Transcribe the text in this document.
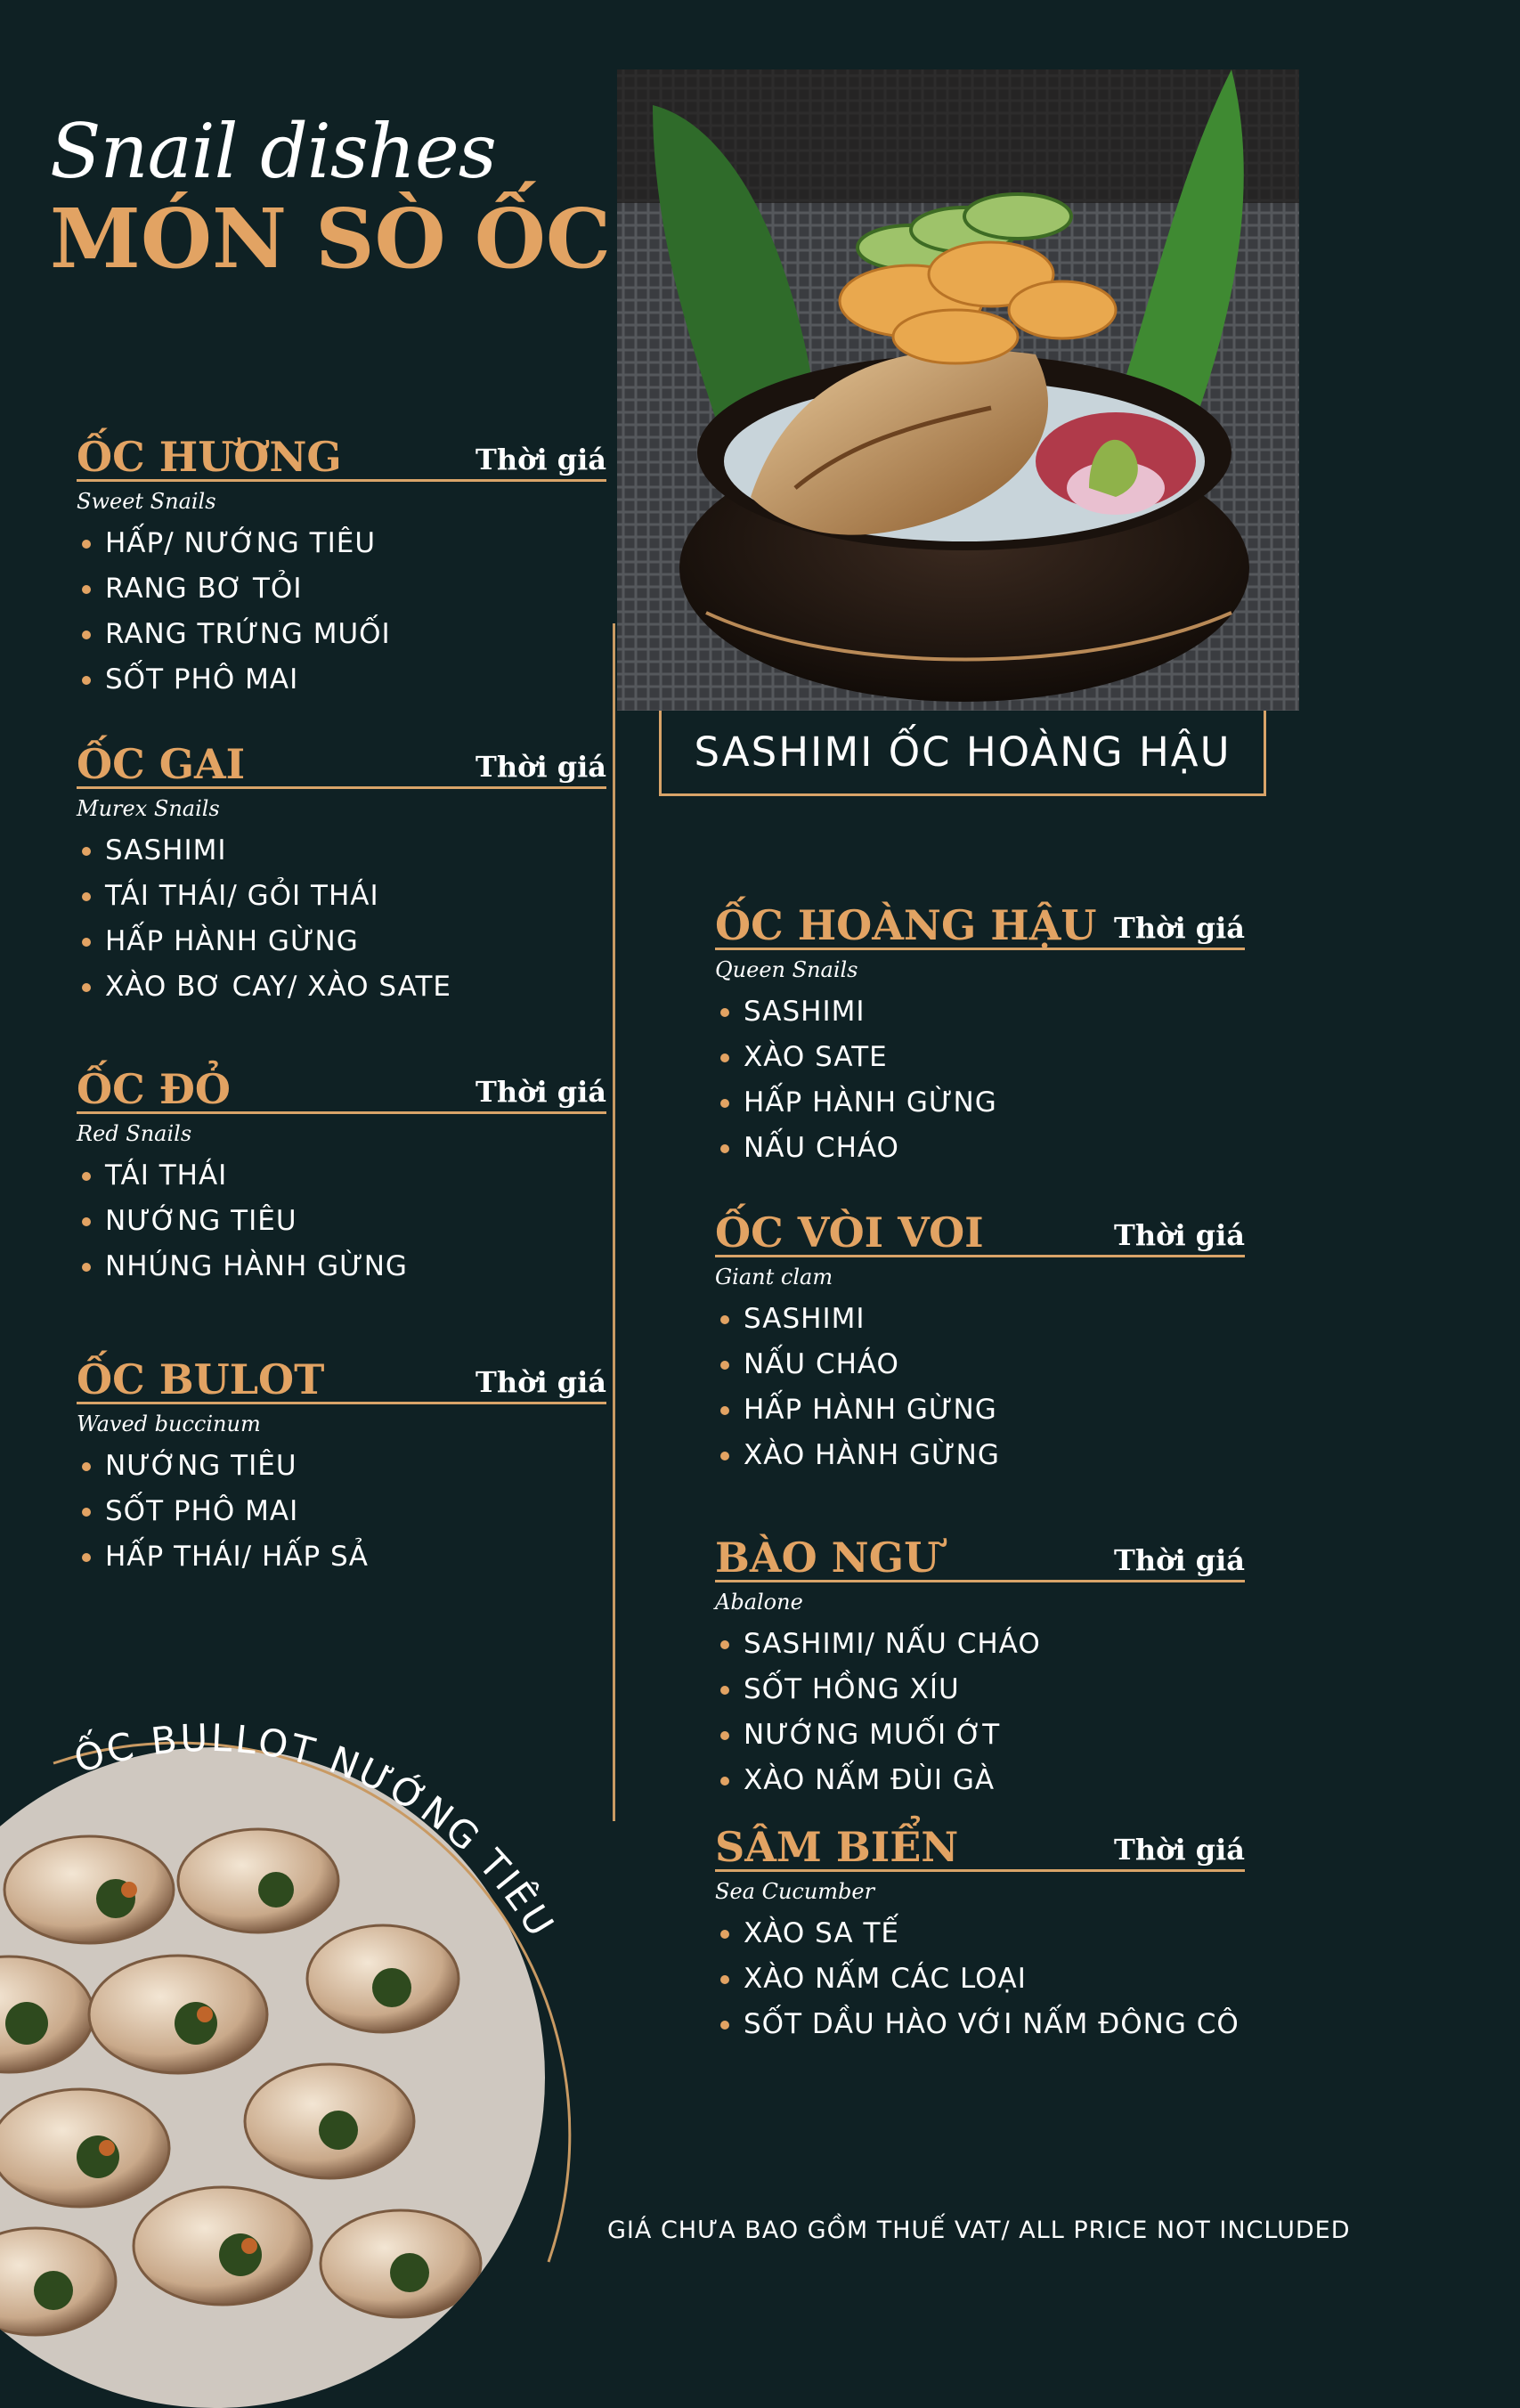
Snail dishes
MÓN SÒ ỐC
SASHIMI ỐC HOÀNG HẬU
ỐC HƯƠNG	Thời giá
Sweet Snails
HẤP/ NƯỚNG TIÊU
RANG BƠ TỎI
RANG TRỨNG MUỐI
SỐT PHÔ MAI
ỐC GAI	Thời giá
Murex Snails
SASHIMI
TÁI THÁI/ GỎI THÁI
HẤP HÀNH GỪNG
XÀO BƠ CAY/ XÀO SATE
ỐC ĐỎ	Thời giá
Red Snails
TÁI THÁI
NƯỚNG TIÊU
NHÚNG HÀNH GỪNG
ỐC BULOT	Thời giá
Waved buccinum
NƯỚNG TIÊU
SỐT PHÔ MAI
HẤP THÁI/ HẤP SẢ
ỐC HOÀNG HẬU Thời giá
Queen Snails
SASHIMI
XÀO SATE
HẤP HÀNH GỪNG
NẤU CHÁO
ỐC VÒI VOI	Thời giá
Giant clam
SASHIMI
NẤU CHÁO
HẤP HÀNH GỪNG
XÀO HÀNH GỪNG
BÀO NGƯ	Thời giá
Abalone
SASHIMI/ NẤU CHÁO
SỐT HỒNG XÍU
NƯỚNG MUỐI ỚT
XÀO NẤM ĐÙI GÀ
SÂM BIỂN	Thời giá
Sea Cucumber
XÀO SA TẾ
XÀO NẤM CÁC LOẠI
SỐT DẦU HÀO VỚI NẤM ĐÔNG CÔ
ỐC BULLOT NƯỚNG TIÊU
GIÁ CHƯA BAO GỒM THUẾ VAT/ ALL PRICE NOT INCLUDED
